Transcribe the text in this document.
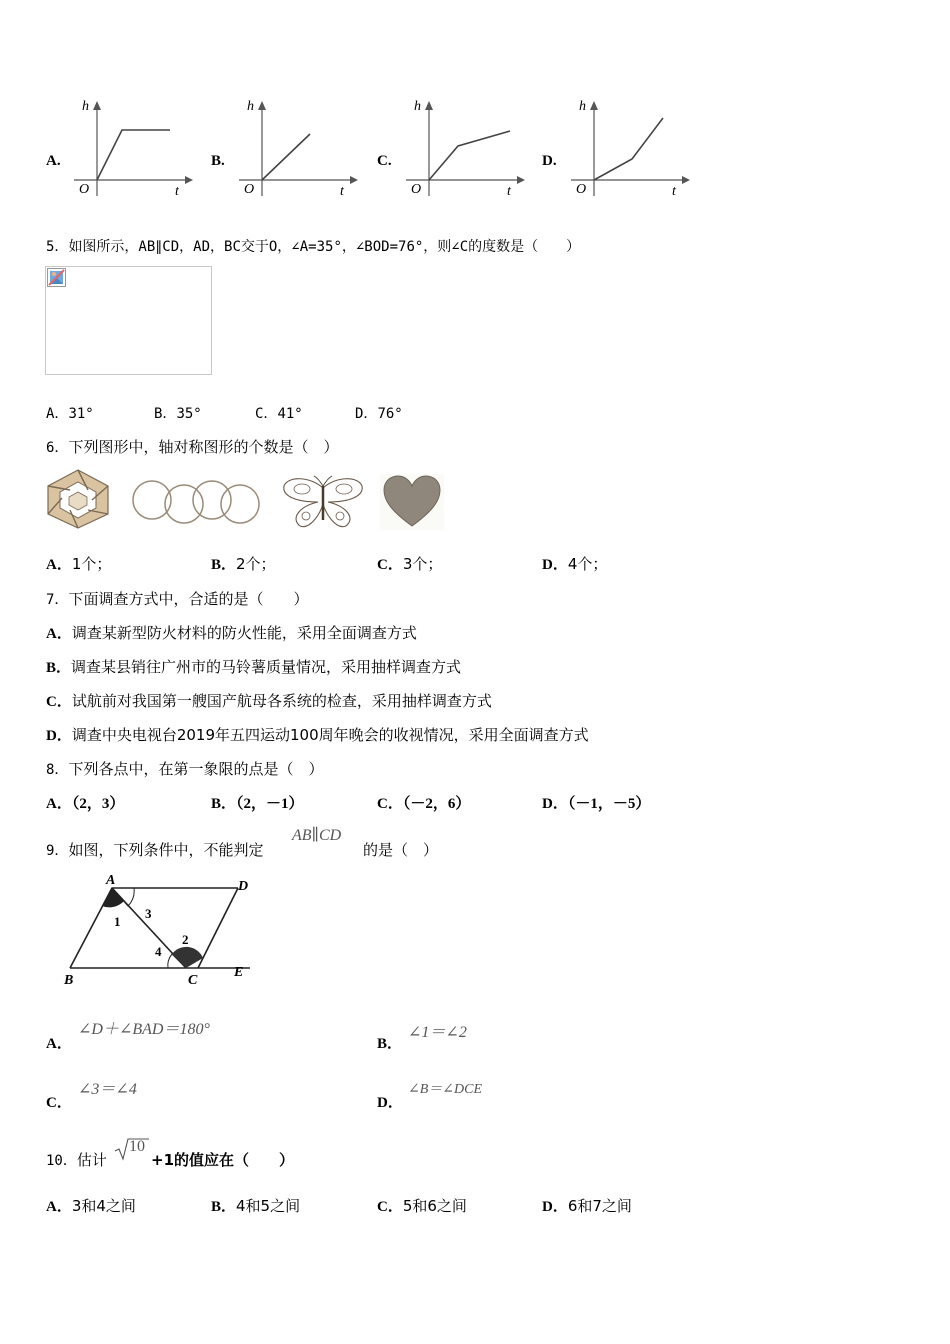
A.
h
t
O
B.
h
t
O
C.
h
t
O
D.
h
t
O
5．如图所示，AB∥CD，AD，BC交于O，∠A=35°，∠BOD=76°，则∠C的度数是（　　）
A．31°	B．35°	C．41°	D．76°
6．下列图形中，轴对称图形的个数是（　）
A．1个；	B．2个；	C．3个；	D．4个；
7．下面调查方式中，合适的是（　　）
A．调查某新型防火材料的防火性能，采用全面调查方式
B．调查某县销往广州市的马铃薯质量情况，采用抽样调查方式
C．试航前对我国第一艘国产航母各系统的检查，采用抽样调查方式
D．调查中央电视台2019年五四运动100周年晚会的收视情况，采用全面调查方式
8．下列各点中，在第一象限的点是（　）
A．（2，3）	B．（2，－1）	C．（－2，6）	D．（－1，－5）
9．如图，下列条件中，不能判定
AB∥CD
的是（　）
A	D
B	C
E
1
2
3
4
A．
∠D＋∠BAD＝180°
B．
∠1＝∠2
C．
∠3＝∠4
D．
∠B＝∠DCE
10．估计
10
+1的值应在（　　）
A．3和4之间	B．4和5之间	C．5和6之间	D．6和7之间
